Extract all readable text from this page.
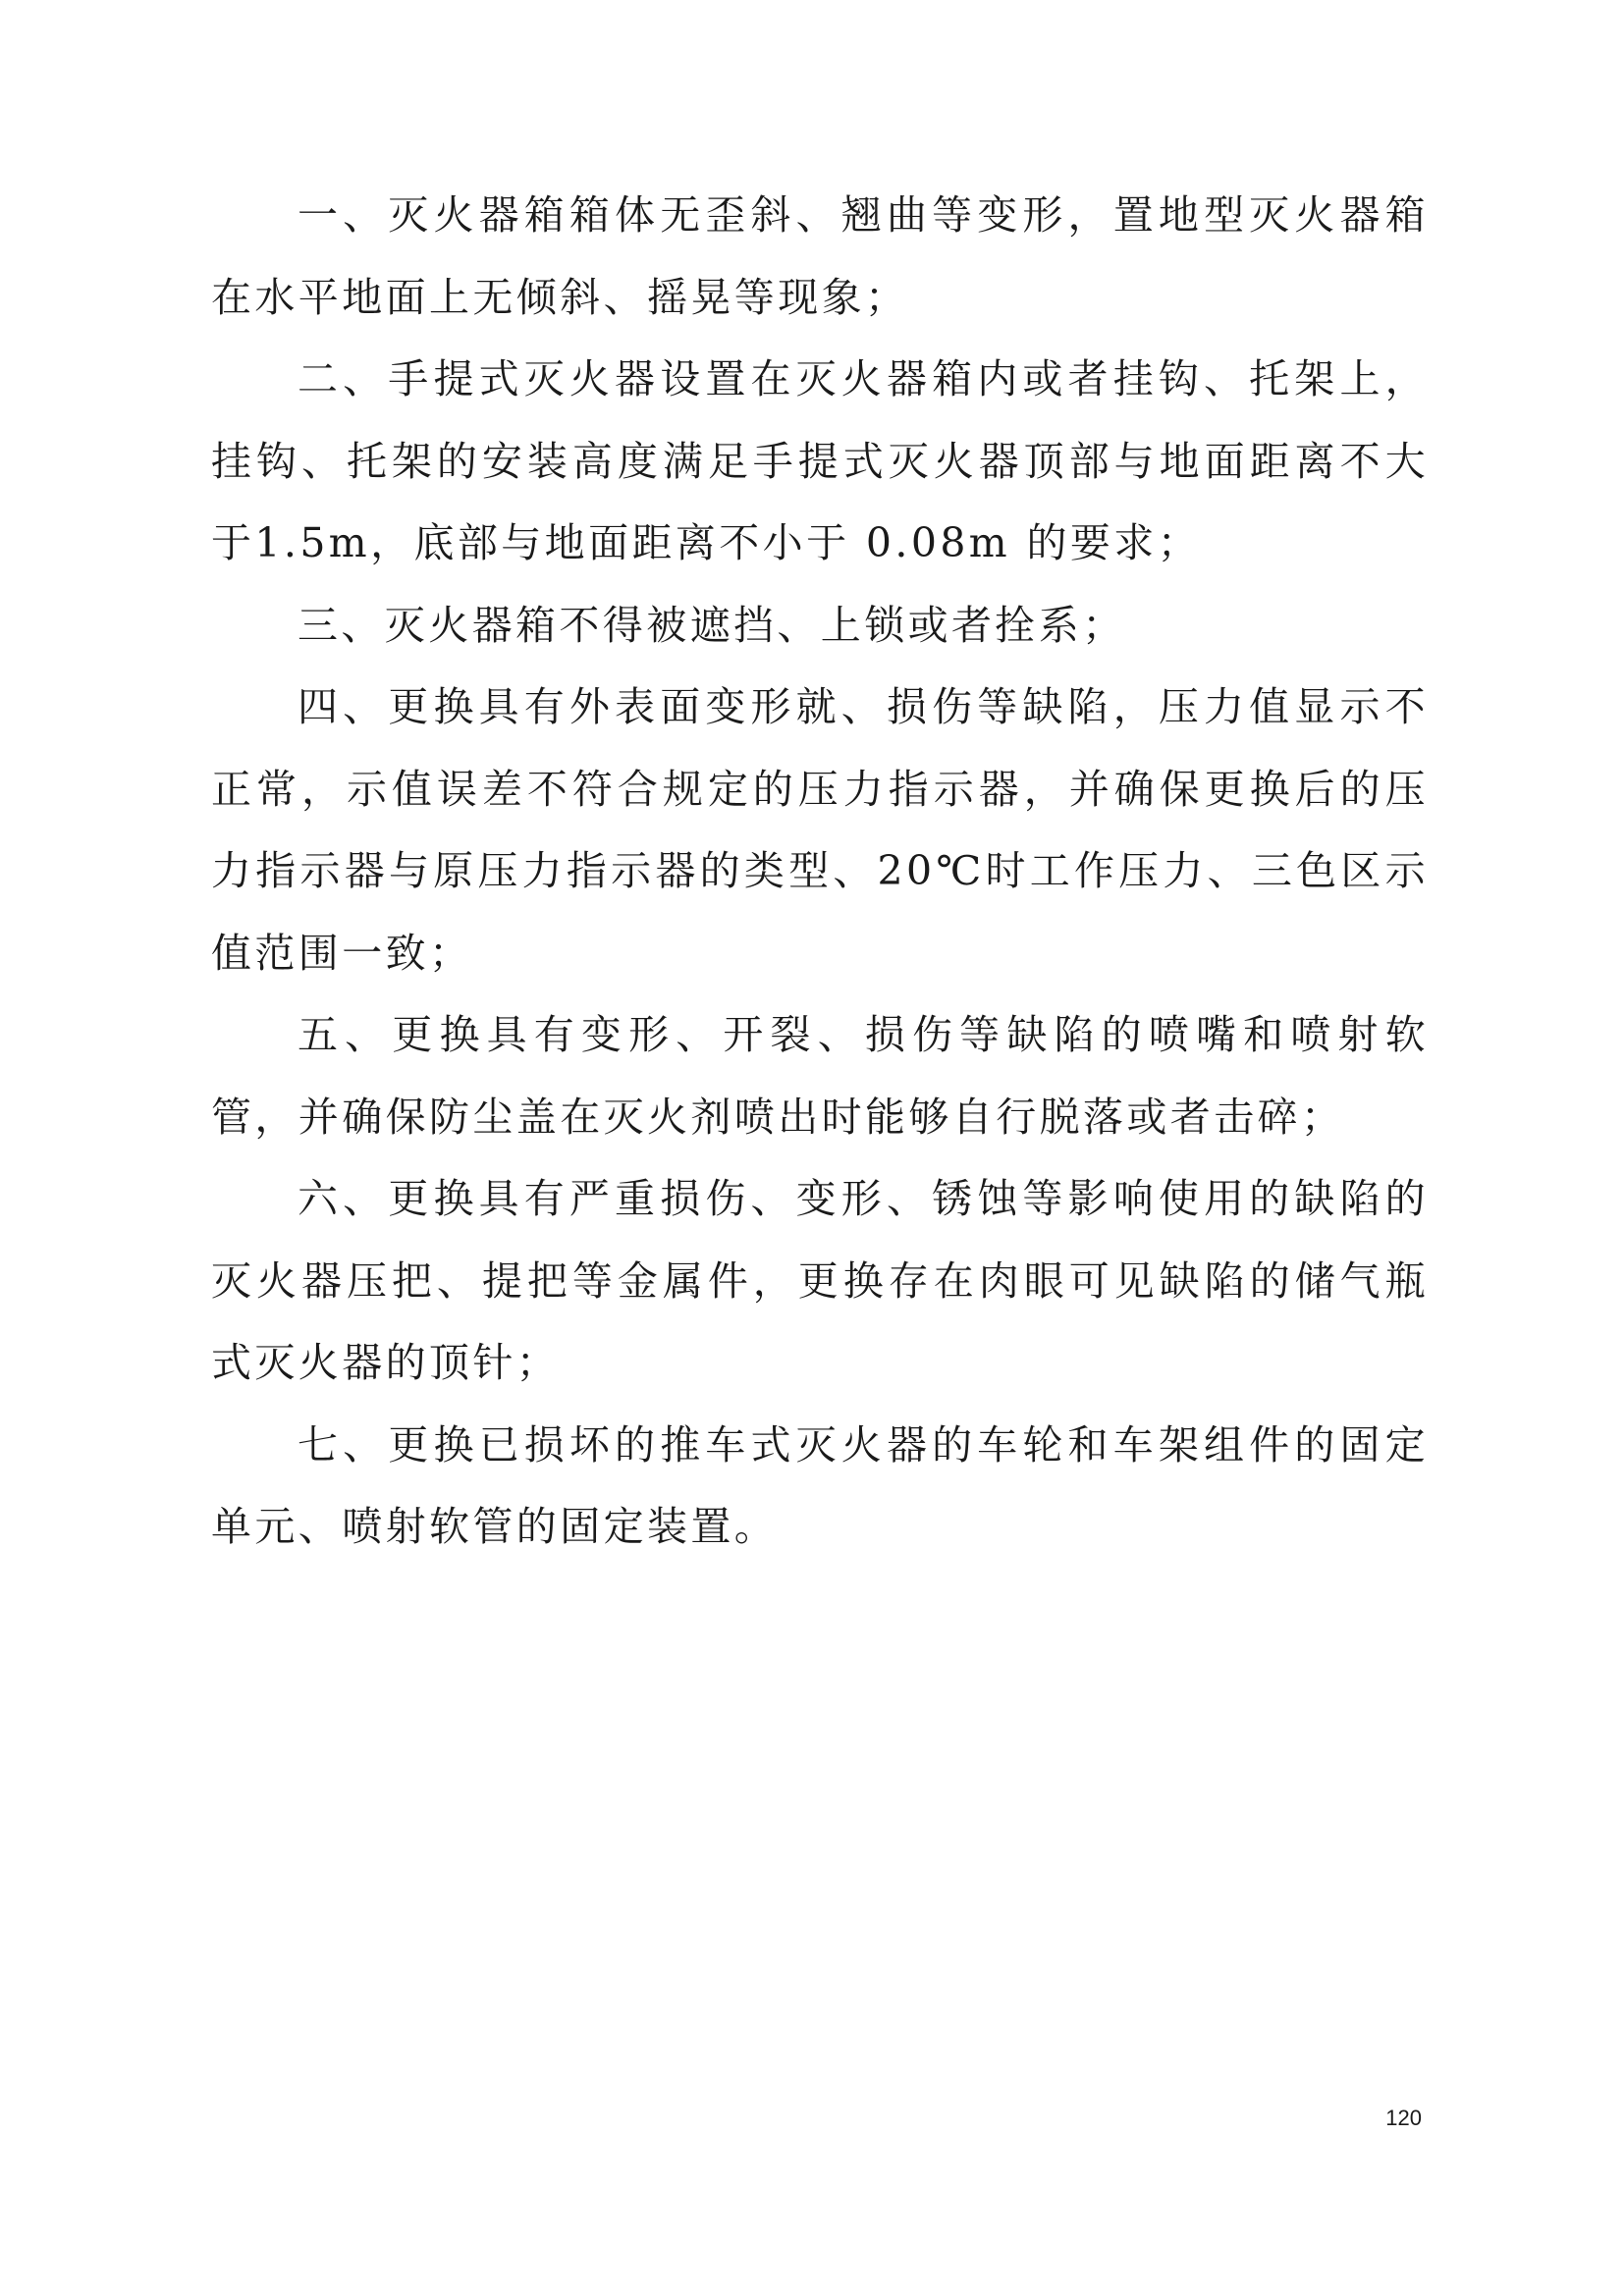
一、灭火器箱箱体无歪斜、翘曲等变形，置地型灭火器箱在水平地面上无倾斜、摇晃等现象；

二、手提式灭火器设置在灭火器箱内或者挂钩、托架上，挂钩、托架的安装高度满足手提式灭火器顶部与地面距离不大于1.5m，底部与地面距离不小于 0.08m 的要求；

三、灭火器箱不得被遮挡、上锁或者拴系；

四、更换具有外表面变形就、损伤等缺陷，压力值显示不正常，示值误差不符合规定的压力指示器，并确保更换后的压力指示器与原压力指示器的类型、20℃时工作压力、三色区示值范围一致；

五、更换具有变形、开裂、损伤等缺陷的喷嘴和喷射软管，并确保防尘盖在灭火剂喷出时能够自行脱落或者击碎；

六、更换具有严重损伤、变形、锈蚀等影响使用的缺陷的灭火器压把、提把等金属件，更换存在肉眼可见缺陷的储气瓶式灭火器的顶针；

七、更换已损坏的推车式灭火器的车轮和车架组件的固定单元、喷射软管的固定装置。

120
